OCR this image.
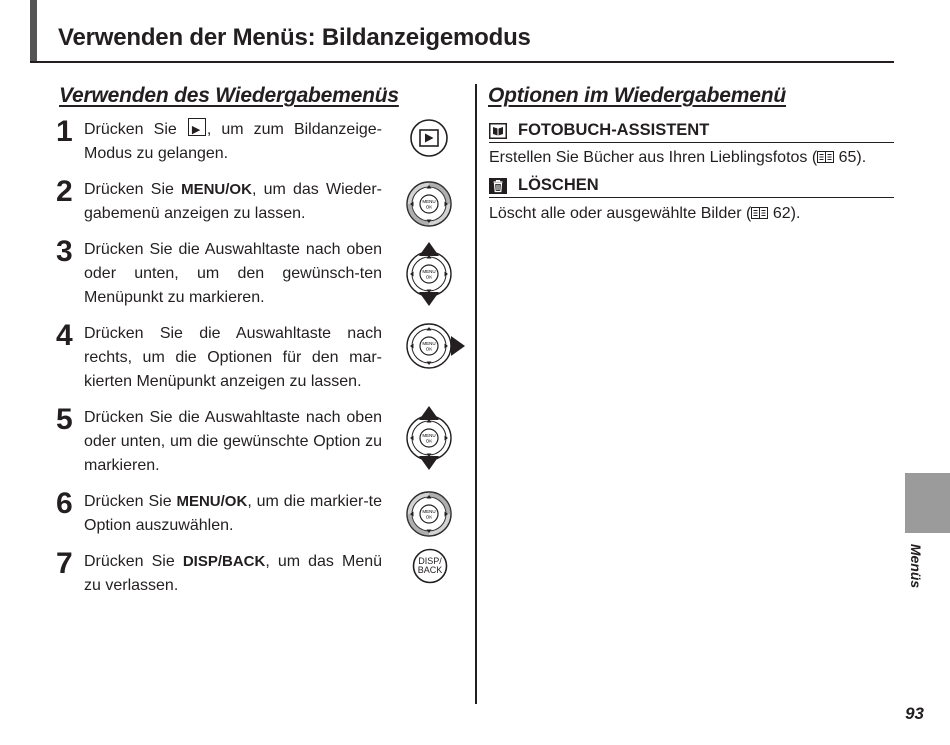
Verwenden der Menüs: Bildanzeigemodus
Verwenden des Wiedergabemenüs
1 Drücken Sie ▶ , um zum Bildanzeige-Modus zu gelangen.
2 Drücken Sie MENU/OK, um das Wieder-gabemenü anzeigen zu lassen.
MENU
OK
3 Drücken Sie die Auswahltaste nach oben oder unten, um den gewünsch-ten Menüpunkt zu markieren.
MENU
OK
4 Drücken Sie die Auswahltaste nach rechts, um die Optionen für den mar-kierten Menüpunkt anzeigen zu lassen.
MENU
OK
5 Drücken Sie die Auswahltaste nach oben oder unten, um die gewünschte Option zu markieren.
MENU
OK
6 Drücken Sie MENU/OK, um die markier-te Option auszuwählen.
MENU
OK
7 Drücken Sie DISP/BACK, um das Menü zu verlassen.
DISP/
BACK
Optionen im Wiedergabemenü
FOTOBUCH-ASSISTENT
Erstellen Sie Bücher aus Ihren Lieblingsfotos ( 65).
LÖSCHEN
Löscht alle oder ausgewählte Bilder ( 62).
Menüs
93
